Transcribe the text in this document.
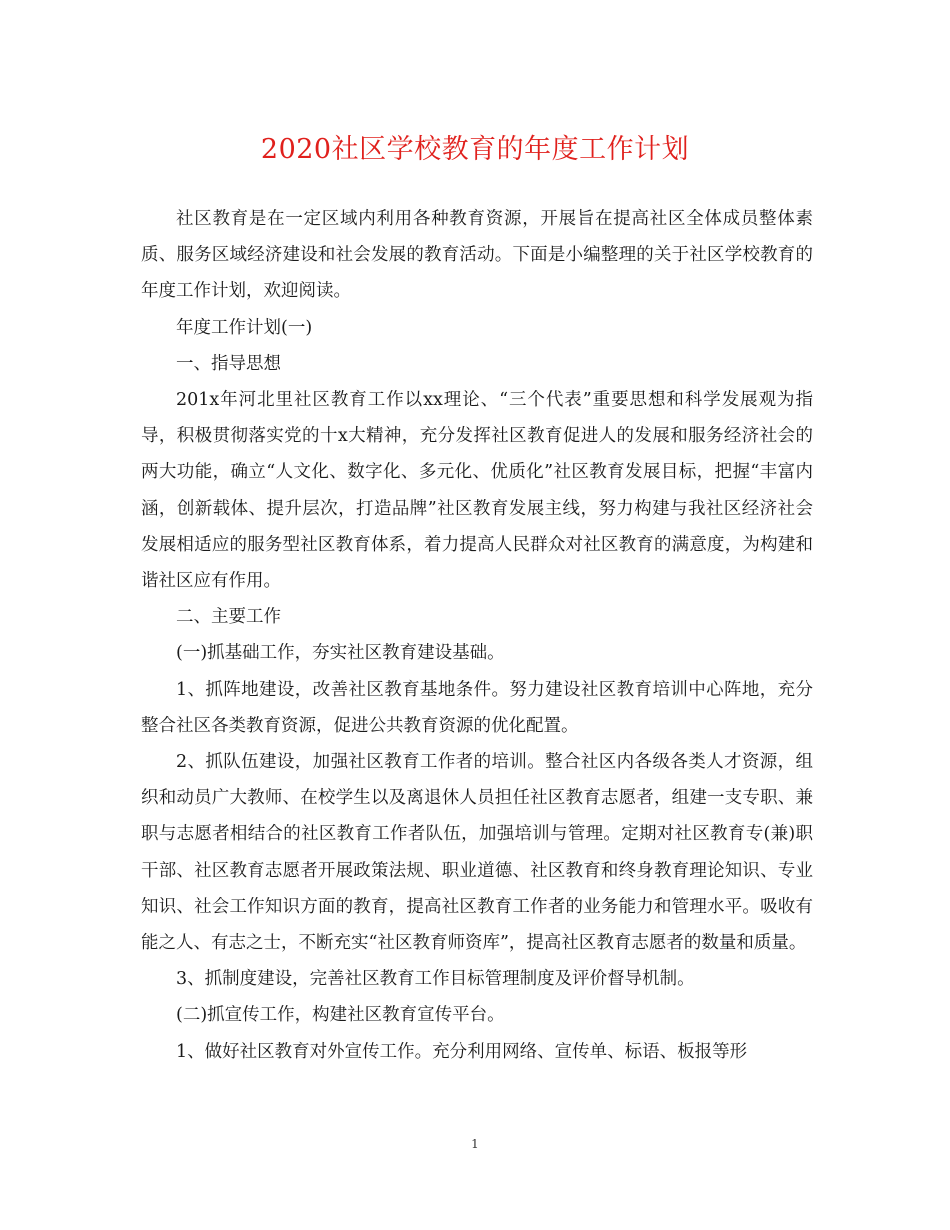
2020社区学校教育的年度工作计划

社区教育是在一定区域内利用各种教育资源，开展旨在提高社区全体成员整体素质、服务区域经济建设和社会发展的教育活动。下面是小编整理的关于社区学校教育的年度工作计划，欢迎阅读。

年度工作计划(一)

一、指导思想

201x年河北里社区教育工作以xx理论、“三个代表”重要思想和科学发展观为指导，积极贯彻落实党的十x大精神，充分发挥社区教育促进人的发展和服务经济社会的两大功能，确立“人文化、数字化、多元化、优质化”社区教育发展目标，把握“丰富内涵，创新载体、提升层次，打造品牌”社区教育发展主线，努力构建与我社区经济社会发展相适应的服务型社区教育体系，着力提高人民群众对社区教育的满意度，为构建和谐社区应有作用。

二、主要工作

(一)抓基础工作，夯实社区教育建设基础。

1、抓阵地建设，改善社区教育基地条件。努力建设社区教育培训中心阵地，充分整合社区各类教育资源，促进公共教育资源的优化配置。

2、抓队伍建设，加强社区教育工作者的培训。整合社区内各级各类人才资源，组织和动员广大教师、在校学生以及离退休人员担任社区教育志愿者，组建一支专职、兼职与志愿者相结合的社区教育工作者队伍，加强培训与管理。定期对社区教育专(兼)职干部、社区教育志愿者开展政策法规、职业道德、社区教育和终身教育理论知识、专业知识、社会工作知识方面的教育，提高社区教育工作者的业务能力和管理水平。吸收有能之人、有志之士，不断充实“社区教育师资库”，提高社区教育志愿者的数量和质量。

3、抓制度建设，完善社区教育工作目标管理制度及评价督导机制。

(二)抓宣传工作，构建社区教育宣传平台。

1、做好社区教育对外宣传工作。充分利用网络、宣传单、标语、板报等形

1
